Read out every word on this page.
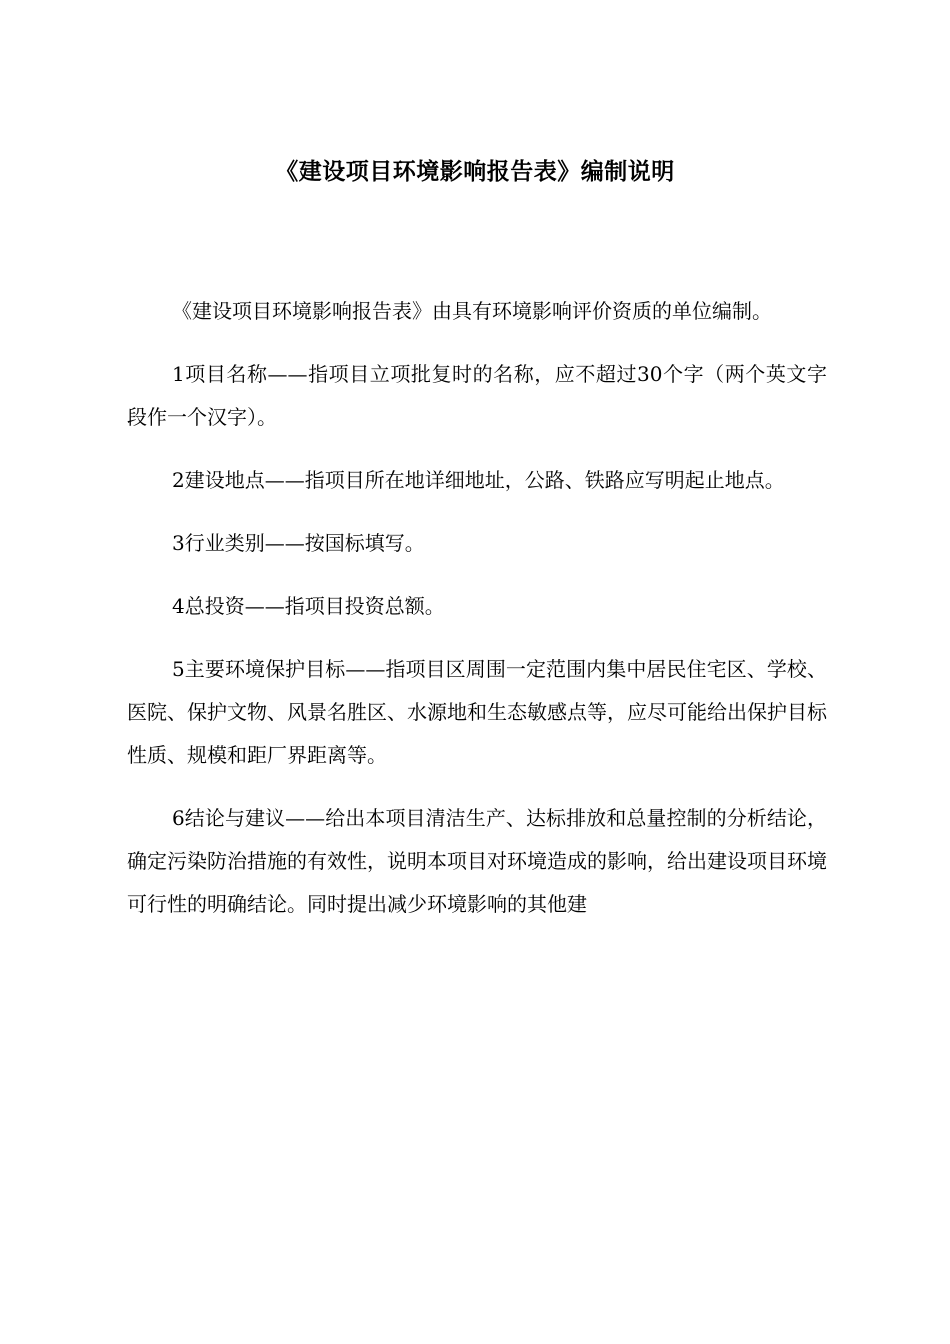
《建设项目环境影响报告表》编制说明

《建设项目环境影响报告表》由具有环境影响评价资质的单位编制。

1项目名称——指项目立项批复时的名称，应不超过30个字（两个英文字段作一个汉字）。

2建设地点——指项目所在地详细地址，公路、铁路应写明起止地点。

3行业类别——按国标填写。

4总投资——指项目投资总额。

5主要环境保护目标——指项目区周围一定范围内集中居民住宅区、学校、医院、保护文物、风景名胜区、水源地和生态敏感点等，应尽可能给出保护目标性质、规模和距厂界距离等。

6结论与建议——给出本项目清洁生产、达标排放和总量控制的分析结论，确定污染防治措施的有效性，说明本项目对环境造成的影响，给出建设项目环境可行性的明确结论。同时提出减少环境影响的其他建
